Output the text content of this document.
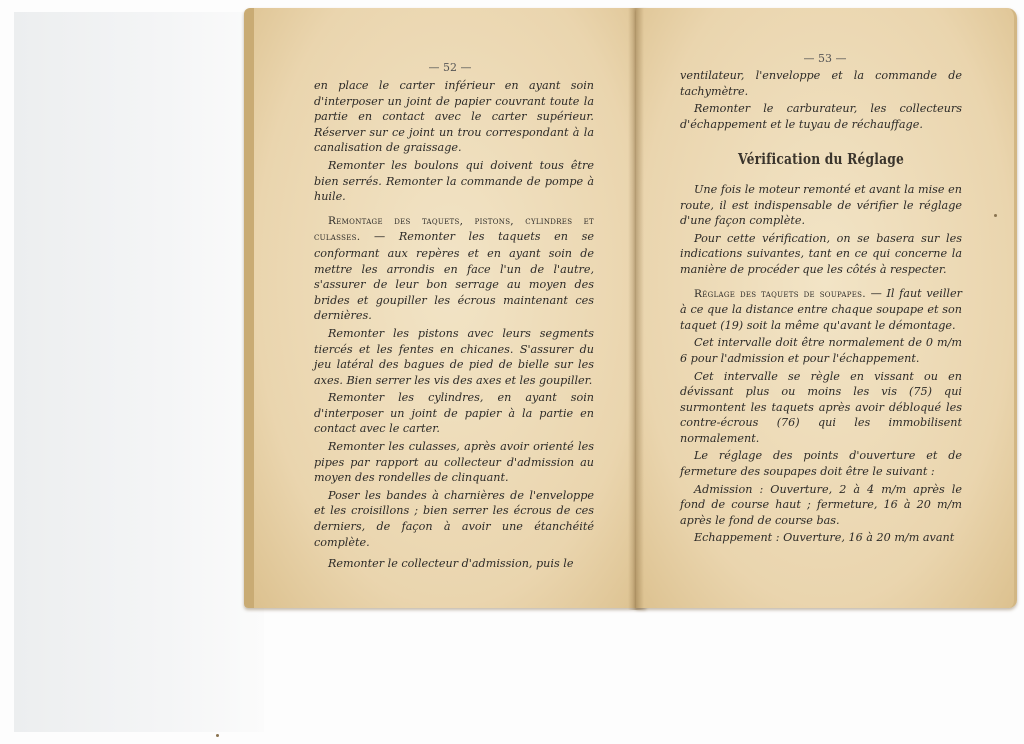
— 52 —

en place le carter inférieur en ayant soin d'interposer un joint de papier couvrant toute la partie en contact avec le carter supérieur. Réserver sur ce joint un trou correspondant à la canalisation de graissage.

Remonter les boulons qui doivent tous être bien serrés. Remonter la commande de pompe à huile.

Remontage des taquets, pistons, cylindres et culasses. — Remonter les taquets en se conformant aux repères et en ayant soin de mettre les arrondis en face l'un de l'autre, s'assurer de leur bon serrage au moyen des brides et goupiller les écrous maintenant ces dernières.

Remonter les pistons avec leurs segments tiercés et les fentes en chicanes. S'assurer du jeu latéral des bagues de pied de bielle sur les axes. Bien serrer les vis des axes et les goupiller.

Remonter les cylindres, en ayant soin d'interposer un joint de papier à la partie en contact avec le carter.

Remonter les culasses, après avoir orienté les pipes par rapport au collecteur d'admission au moyen des rondelles de clinquant.

Poser les bandes à charnières de l'enveloppe et les croisillons ; bien serrer les écrous de ces derniers, de façon à avoir une étanchéité complète.

Remonter le collecteur d'admission, puis le

— 53 —

ventilateur, l'enveloppe et la commande de tachymètre.

Remonter le carburateur, les collecteurs d'échappement et le tuyau de réchauffage.

Vérification du Réglage

Une fois le moteur remonté et avant la mise en route, il est indispensable de vérifier le réglage d'une façon complète.

Pour cette vérification, on se basera sur les indications suivantes, tant en ce qui concerne la manière de procéder que les côtés à respecter.

Réglage des taquets de soupapes. — Il faut veiller à ce que la distance entre chaque soupape et son taquet (19) soit la même qu'avant le démontage.

Cet intervalle doit être normalement de 0 m/m 6 pour l'admission et pour l'échappement.

Cet intervalle se règle en vissant ou en dévissant plus ou moins les vis (75) qui surmontent les taquets après avoir débloqué les contre-écrous (76) qui les immobilisent normalement.

Le réglage des points d'ouverture et de fermeture des soupapes doit être le suivant :

Admission : Ouverture, 2 à 4 m/m après le fond de course haut ; fermeture, 16 à 20 m/m après le fond de course bas.

Echappement : Ouverture, 16 à 20 m/m avant
